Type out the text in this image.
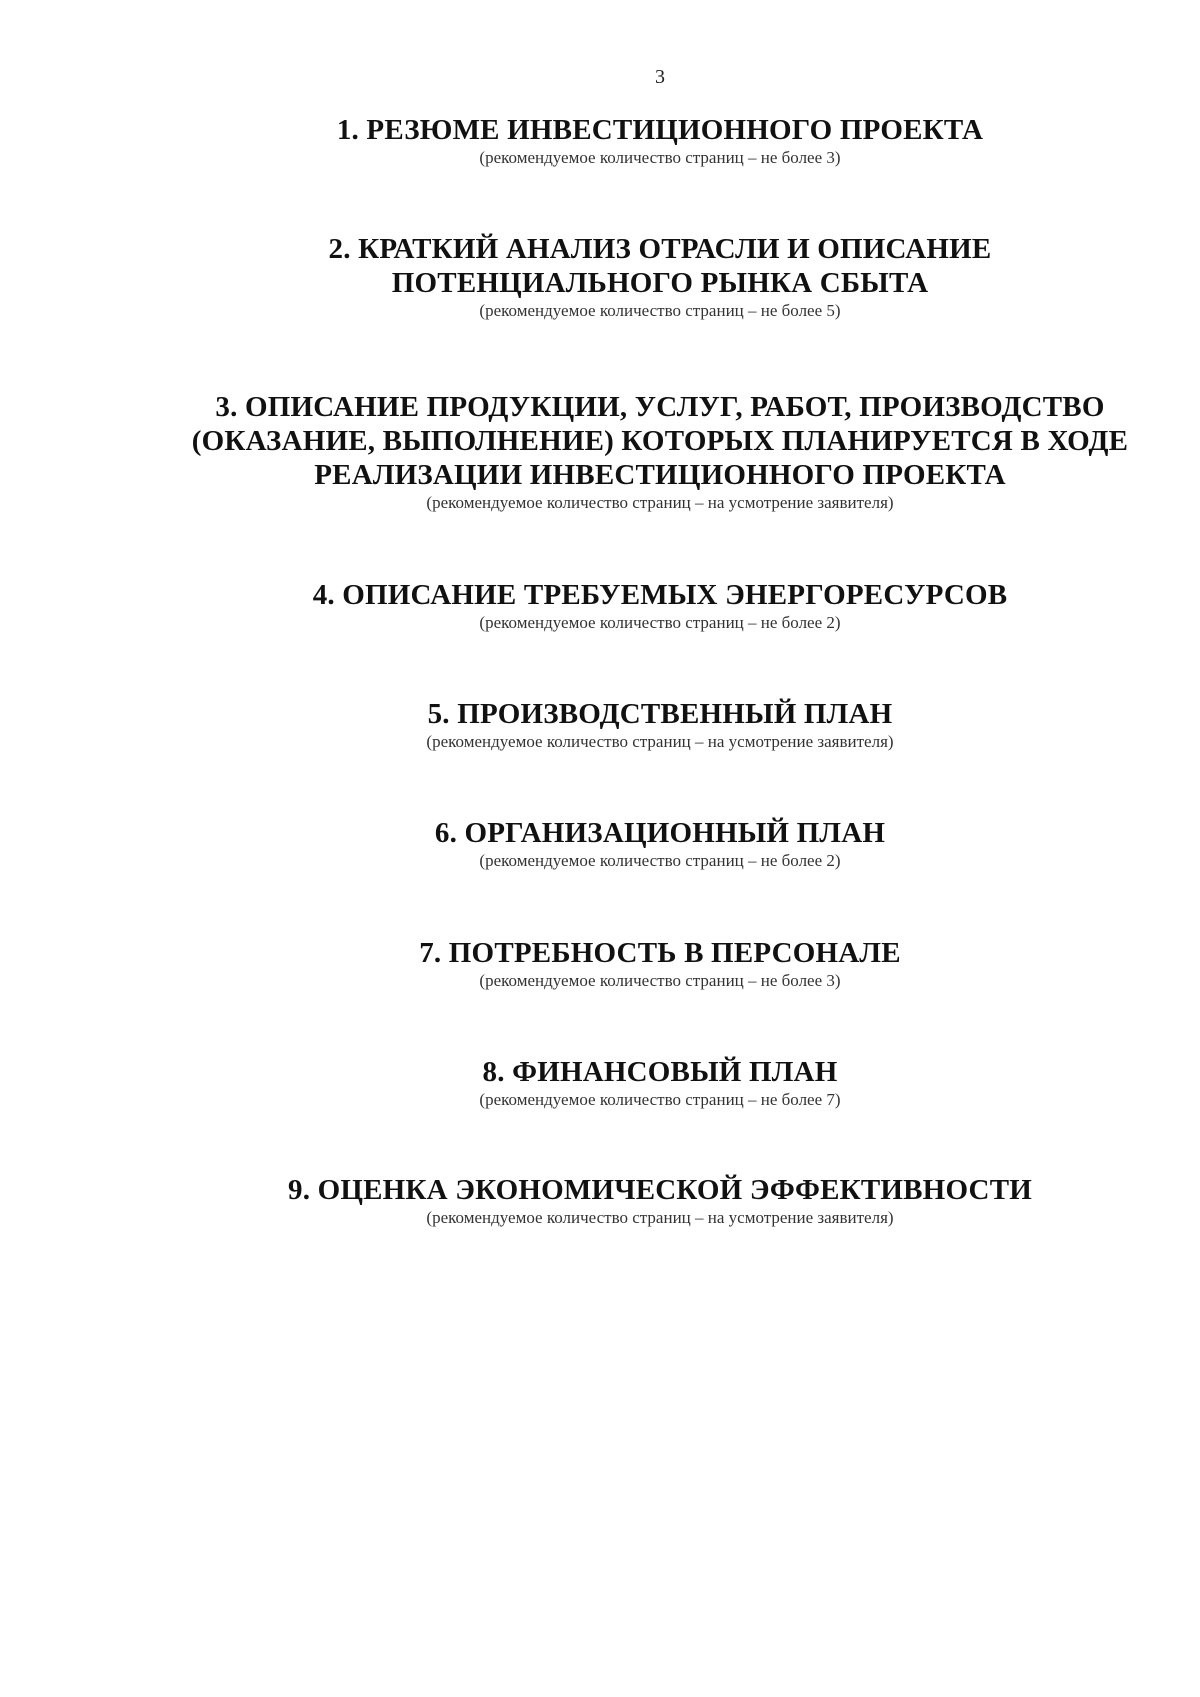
3
1. РЕЗЮМЕ ИНВЕСТИЦИОННОГО ПРОЕКТА
(рекомендуемое количество страниц – не более 3)
2. КРАТКИЙ АНАЛИЗ ОТРАСЛИ И ОПИСАНИЕ
ПОТЕНЦИАЛЬНОГО РЫНКА СБЫТА
(рекомендуемое количество страниц – не более 5)
3. ОПИСАНИЕ ПРОДУКЦИИ, УСЛУГ, РАБОТ, ПРОИЗВОДСТВО
(ОКАЗАНИЕ, ВЫПОЛНЕНИЕ) КОТОРЫХ ПЛАНИРУЕТСЯ В ХОДЕ
РЕАЛИЗАЦИИ ИНВЕСТИЦИОННОГО ПРОЕКТА
(рекомендуемое количество страниц – на усмотрение заявителя)
4. ОПИСАНИЕ ТРЕБУЕМЫХ ЭНЕРГОРЕСУРСОВ
(рекомендуемое количество страниц – не более 2)
5. ПРОИЗВОДСТВЕННЫЙ ПЛАН
(рекомендуемое количество страниц – на усмотрение заявителя)
6. ОРГАНИЗАЦИОННЫЙ ПЛАН
(рекомендуемое количество страниц – не более 2)
7. ПОТРЕБНОСТЬ В ПЕРСОНАЛЕ
(рекомендуемое количество страниц – не более 3)
8. ФИНАНСОВЫЙ ПЛАН
(рекомендуемое количество страниц – не более 7)
9. ОЦЕНКА ЭКОНОМИЧЕСКОЙ ЭФФЕКТИВНОСТИ
(рекомендуемое количество страниц – на усмотрение заявителя)
